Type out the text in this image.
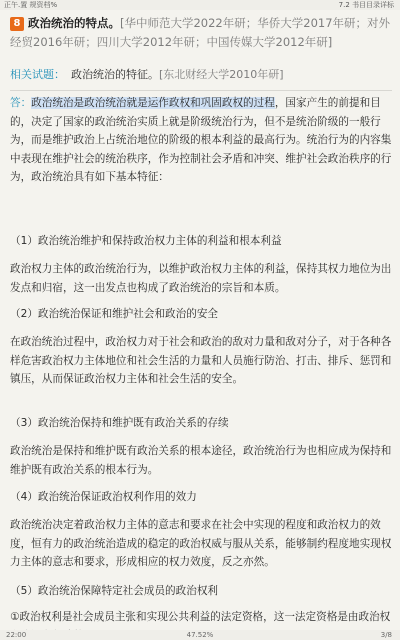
正午.置 规资档%	7.2 书目目录详标
8 政治统治的特点。[华中师范大学2022年研；华侨大学2017年研；对外经贸2016年研；四川大学2012年研；中国传媒大学2012年研]
相关试题： 政治统治的特征。[东北财经大学2010年研]
答：政治统治是政治统治就是运作政权和巩固政权的过程，国家产生的前提和目的，决定了国家的政治统治实质上就是阶级统治行为，但不是统治阶级的一般行为，而是维护政治上占统治地位的阶级的根本利益的最高行为。统治行为的内容集中表现在维护社会的统治秩序，作为控制社会矛盾和冲突、维护社会政治秩序的行为，政治统治具有如下基本特征：
（1）政治统治维护和保持政治权力主体的利益和根本利益
政治权力主体的政治统治行为，以维护政治权力主体的利益，保持其权力地位为出发点和归宿，这一出发点也构成了政治统治的宗旨和本质。
（2）政治统治保证和维护社会和政治的安全
在政治统治过程中，政治权力对于社会和政治的敌对力量和敌对分子，对于各种各样危害政治权力主体地位和社会生活的力量和人员施行防治、打击、排斥、惩罚和镇压，从而保证政治权力主体和社会生活的安全。
（3）政治统治保持和维护既有政治关系的存续
政治统治是保持和维护既有政治关系的根本途径，政治统治行为也相应成为保持和维护既有政治关系的根本行为。
（4）政治统治保证政治权利作用的效力
政治统治决定着政治权力主体的意志和要求在社会中实现的程度和政治权力的效度，恒有力的政治统治造成的稳定的政治权威与服从关系，能够制约程度地实现权力主体的意志和要求，形成相应的权力效度，反之亦然。
（5）政治统治保障特定社会成员的政治权利
①政治权利是社会成员主张和实现公共利益的法定资格，这一法定资格是由政治权
22:00	47.52%	3/8
